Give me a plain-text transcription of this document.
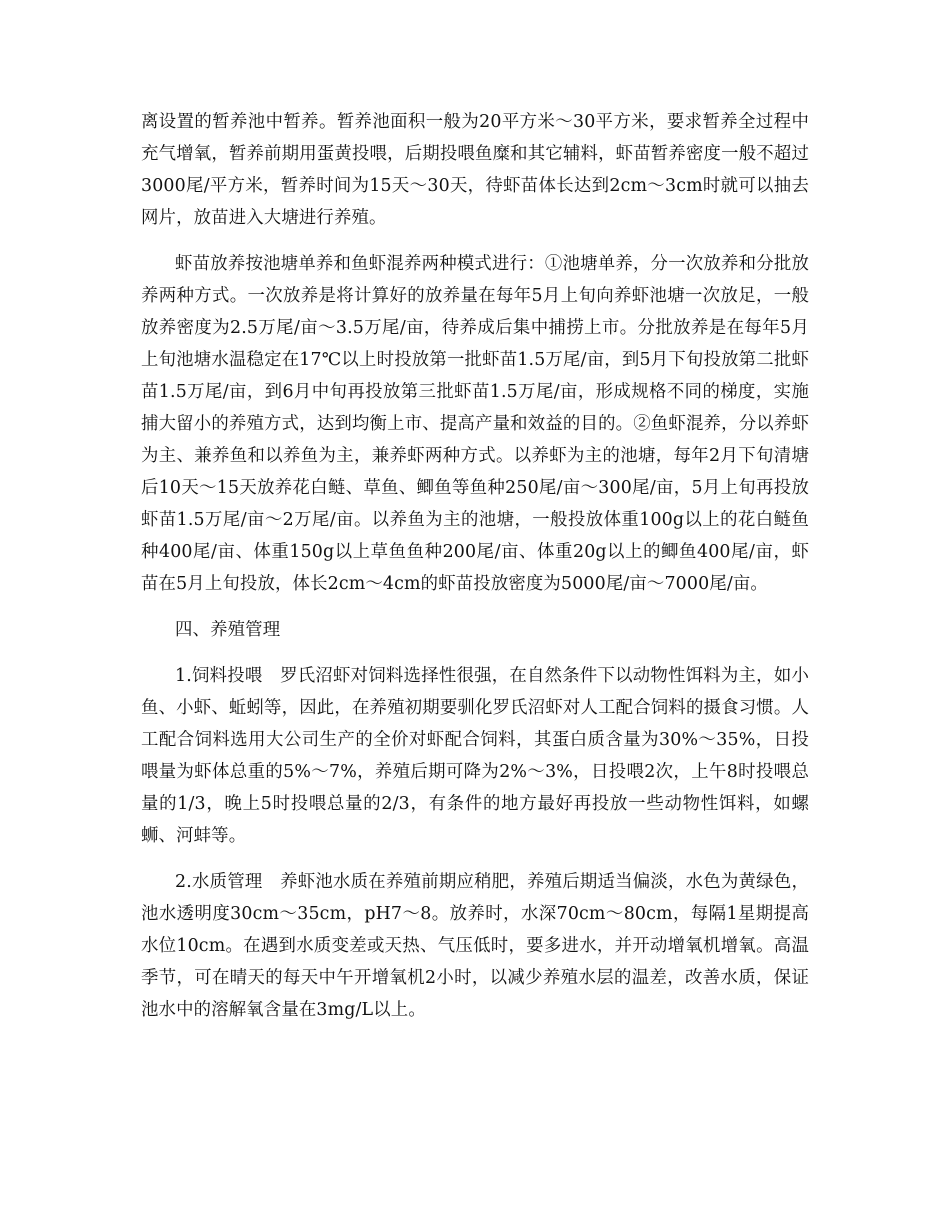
离设置的暂养池中暂养。暂养池面积一般为20平方米～30平方米，要求暂养全过程中充气增氧，暂养前期用蛋黄投喂，后期投喂鱼糜和其它辅料，虾苗暂养密度一般不超过3000尾/平方米，暂养时间为15天～30天，待虾苗体长达到2cm～3cm时就可以抽去网片，放苗进入大塘进行养殖。

虾苗放养按池塘单养和鱼虾混养两种模式进行：①池塘单养，分一次放养和分批放养两种方式。一次放养是将计算好的放养量在每年5月上旬向养虾池塘一次放足，一般放养密度为2.5万尾/亩～3.5万尾/亩，待养成后集中捕捞上市。分批放养是在每年5月上旬池塘水温稳定在17℃以上时投放第一批虾苗1.5万尾/亩，到5月下旬投放第二批虾苗1.5万尾/亩，到6月中旬再投放第三批虾苗1.5万尾/亩，形成规格不同的梯度，实施捕大留小的养殖方式，达到均衡上市、提高产量和效益的目的。②鱼虾混养，分以养虾为主、兼养鱼和以养鱼为主，兼养虾两种方式。以养虾为主的池塘，每年2月下旬清塘后10天～15天放养花白鲢、草鱼、鲫鱼等鱼种250尾/亩～300尾/亩，5月上旬再投放虾苗1.5万尾/亩～2万尾/亩。以养鱼为主的池塘，一般投放体重100g以上的花白鲢鱼种400尾/亩、体重150g以上草鱼鱼种200尾/亩、体重20g以上的鲫鱼400尾/亩，虾苗在5月上旬投放，体长2cm～4cm的虾苗投放密度为5000尾/亩～7000尾/亩。

四、养殖管理

1.饲料投喂　罗氏沼虾对饲料选择性很强，在自然条件下以动物性饵料为主，如小鱼、小虾、蚯蚓等，因此，在养殖初期要驯化罗氏沼虾对人工配合饲料的摄食习惯。人工配合饲料选用大公司生产的全价对虾配合饲料，其蛋白质含量为30%～35%，日投喂量为虾体总重的5%～7%，养殖后期可降为2%～3%，日投喂2次，上午8时投喂总量的1/3，晚上5时投喂总量的2/3，有条件的地方最好再投放一些动物性饵料，如螺蛳、河蚌等。

2.水质管理　养虾池水质在养殖前期应稍肥，养殖后期适当偏淡，水色为黄绿色，池水透明度30cm～35cm，pH7～8。放养时，水深70cm～80cm，每隔1星期提高水位10cm。在遇到水质变差或天热、气压低时，要多进水，并开动增氧机增氧。高温季节，可在晴天的每天中午开增氧机2小时，以减少养殖水层的温差，改善水质，保证池水中的溶解氧含量在3mg/L以上。
